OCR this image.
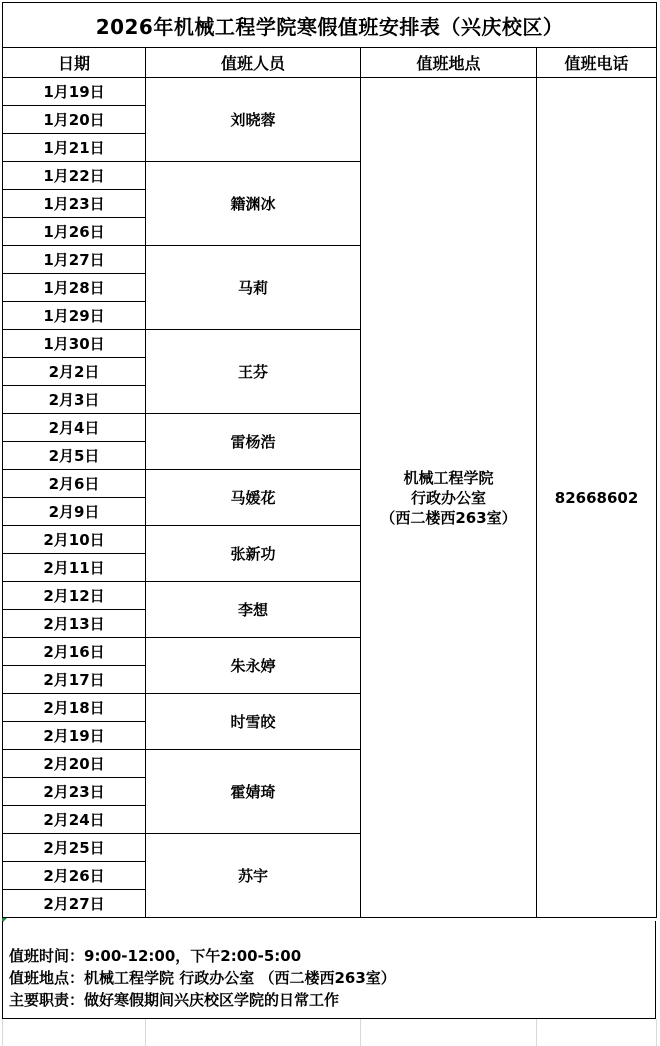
2026年机械工程学院寒假值班安排表（兴庆校区）			
日期	值班人员	值班地点	值班电话
1月19日	刘晓蓉	机械工程学院
行政办公室
（西二楼西263室）	82668602
1月20日			
1月21日			
1月22日	籍渊冰		
1月23日			
1月26日			
1月27日	马莉		
1月28日			
1月29日			
1月30日	王芬		
2月2日			
2月3日			
2月4日	雷杨浩		
2月5日			
2月6日	马媛花		
2月9日			
2月10日	张新功		
2月11日			
2月12日	李想		
2月13日			
2月16日	朱永婷		
2月17日			
2月18日	时雪皎		
2月19日			
2月20日	霍婧琦		
2月23日			
2月24日			
2月25日	苏宇		
2月26日			
2月27日			
值班时间：9:00-12:00，下午2:00-5:00
值班地点：机械工程学院 行政办公室 （西二楼西263室）
主要职责：做好寒假期间兴庆校区学院的日常工作
